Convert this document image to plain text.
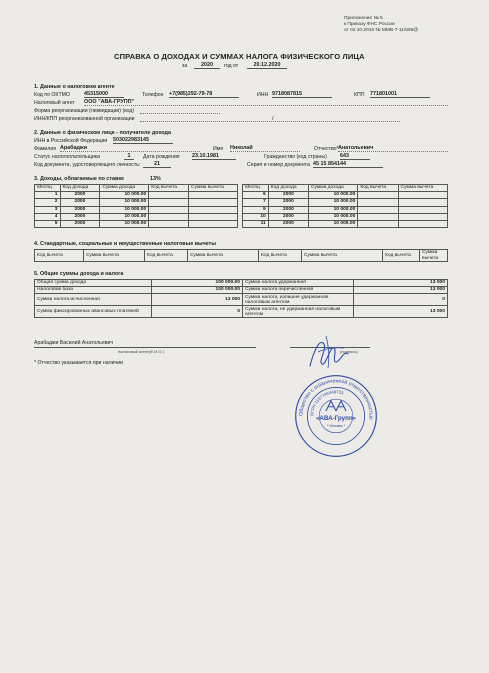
Приложение № 5
к Приказу ФНС России
от 02.10.2018 № ММВ-7-11/566@
СПРАВКА О ДОХОДАХ И СУММАХ НАЛОГА ФИЗИЧЕСКОГО ЛИЦА
за	2020	год от	20.12.2020
1. Данные о налоговом агенте
Код по ОКТМО	45315000	Телефон +7(985)292-79-78	ИНН 9718087815	КПП 771801001
Налоговый агент ООО "АВА-ГРУПП"
Форма реорганизации (ликвидации) (код)
ИНН/КПП реорганизованной организации	/
2. Данные о физическом лице - получателе дохода
ИНН в Российской Федерации 503022983145
Фамилия Арабаджи	Имя Николай	Отчество* Анатольевич
Статус налогоплательщика	1	Дата рождения 23.10.1981	Гражданство (код страны) 643
Код документа, удостоверяющего личность:	21	Серия и номер документа 45 15 854144
3. Доходы, облагаемые по ставке	13%
Месяц	Код дохода	Сумма дохода	Код вычета	Сумма вычета
1	2000	10 000.00		
2	2000	10 000.00		
3	2000	10 000.00		
4	2000	10 000.00		
5	2000	10 000.00		
Месяц	Код дохода	Сумма дохода	Код вычета	Сумма вычета
6	2000	10 000.00		
7	2000	10 000.00		
9	2000	10 000.00		
10	2000	10 000.00		
11	2000	10 000.00		
4. Стандартные, социальные и имущественные налоговые вычеты
Код вычета	Сумма вычета	Код вычета	Сумма вычета	Код вычета	Сумма вычета	Код вычета	Сумма вычета
5. Общие суммы дохода и налога
Общая сумма дохода	100 000.00	Сумма налога удержанная	13 000
Налоговая база	100 000.00	Сумма налога перечисленная	13 000
Сумма налога исчисленная	13 000	Сумма налога, излишне удержанная налоговым агентом	0
Сумма фиксированных авансовых платежей	0	Сумма налога, не удержанная налоговым агентом	13 000
Арабаджи Василий Анатольевич
налоговый агент(Ф.И.О.)	(подпись)
* Отчество указывается при наличии
Общество с ограниченной ответственностью
ОГРН 1157746949733
«АВА-Групп»
* Москва *
